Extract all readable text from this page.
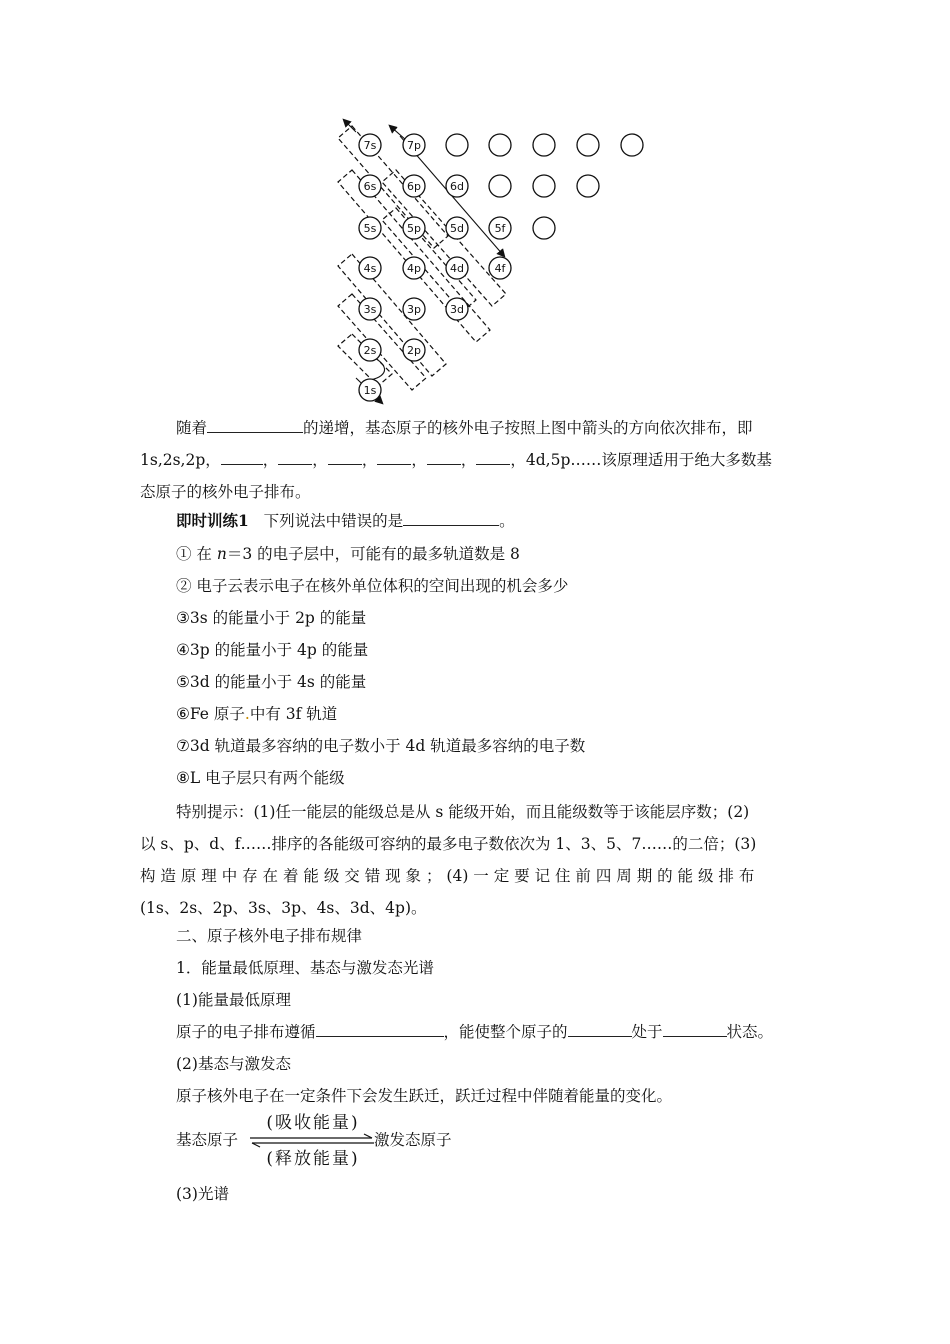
7s	7p
6s	6p	6d
5s	5p	5d	5f
4s	4p	4d	4f
3s	3p	3d
2s	2p
1s
随着	的递增，基态原子的核外电子按照上图中箭头的方向依次排布，即
1s,2s,2p，	， ， ， ， ， ，4d,5p……该原理适用于绝大多数基
态原子的核外电子排布。
即时训练1 下列说法中错误的是	。
① 在 n＝3 的电子层中，可能有的最多轨道数是 8
② 电子云表示电子在核外单位体积的空间出现的机会多少
③3s 的能量小于 2p 的能量
④3p 的能量小于 4p 的能量
⑤3d 的能量小于 4s 的能量
⑥Fe 原子.中有 3f 轨道
⑦3d 轨道最多容纳的电子数小于 4d 轨道最多容纳的电子数
⑧L 电子层只有两个能级
特别提示：(1)任一能层的能级总是从 s 能级开始，而且能级数等于该能层序数；(2)
以 s、p、d、f……排序的各能级可容纳的最多电子数依次为 1、3、5、7……的二倍；(3)
构 造 原 理 中 存 在 着 能 级 交 错 现 象 ； (4) 一 定 要 记 住 前 四 周 期 的 能 级 排 布
(1s、2s、2p、3s、3p、4s、3d、4p)。
二、原子核外电子排布规律
1．能量最低原理、基态与激发态光谱
(1)能量最低原理
原子的电子排布遵循	，能使整个原子的	处于	状态。
(2)基态与激发态
原子核外电子在一定条件下会发生跃迁，跃迁过程中伴随着能量的变化。
(吸收能量)
基态原子	激发态原子
(释放能量)
(3)光谱
